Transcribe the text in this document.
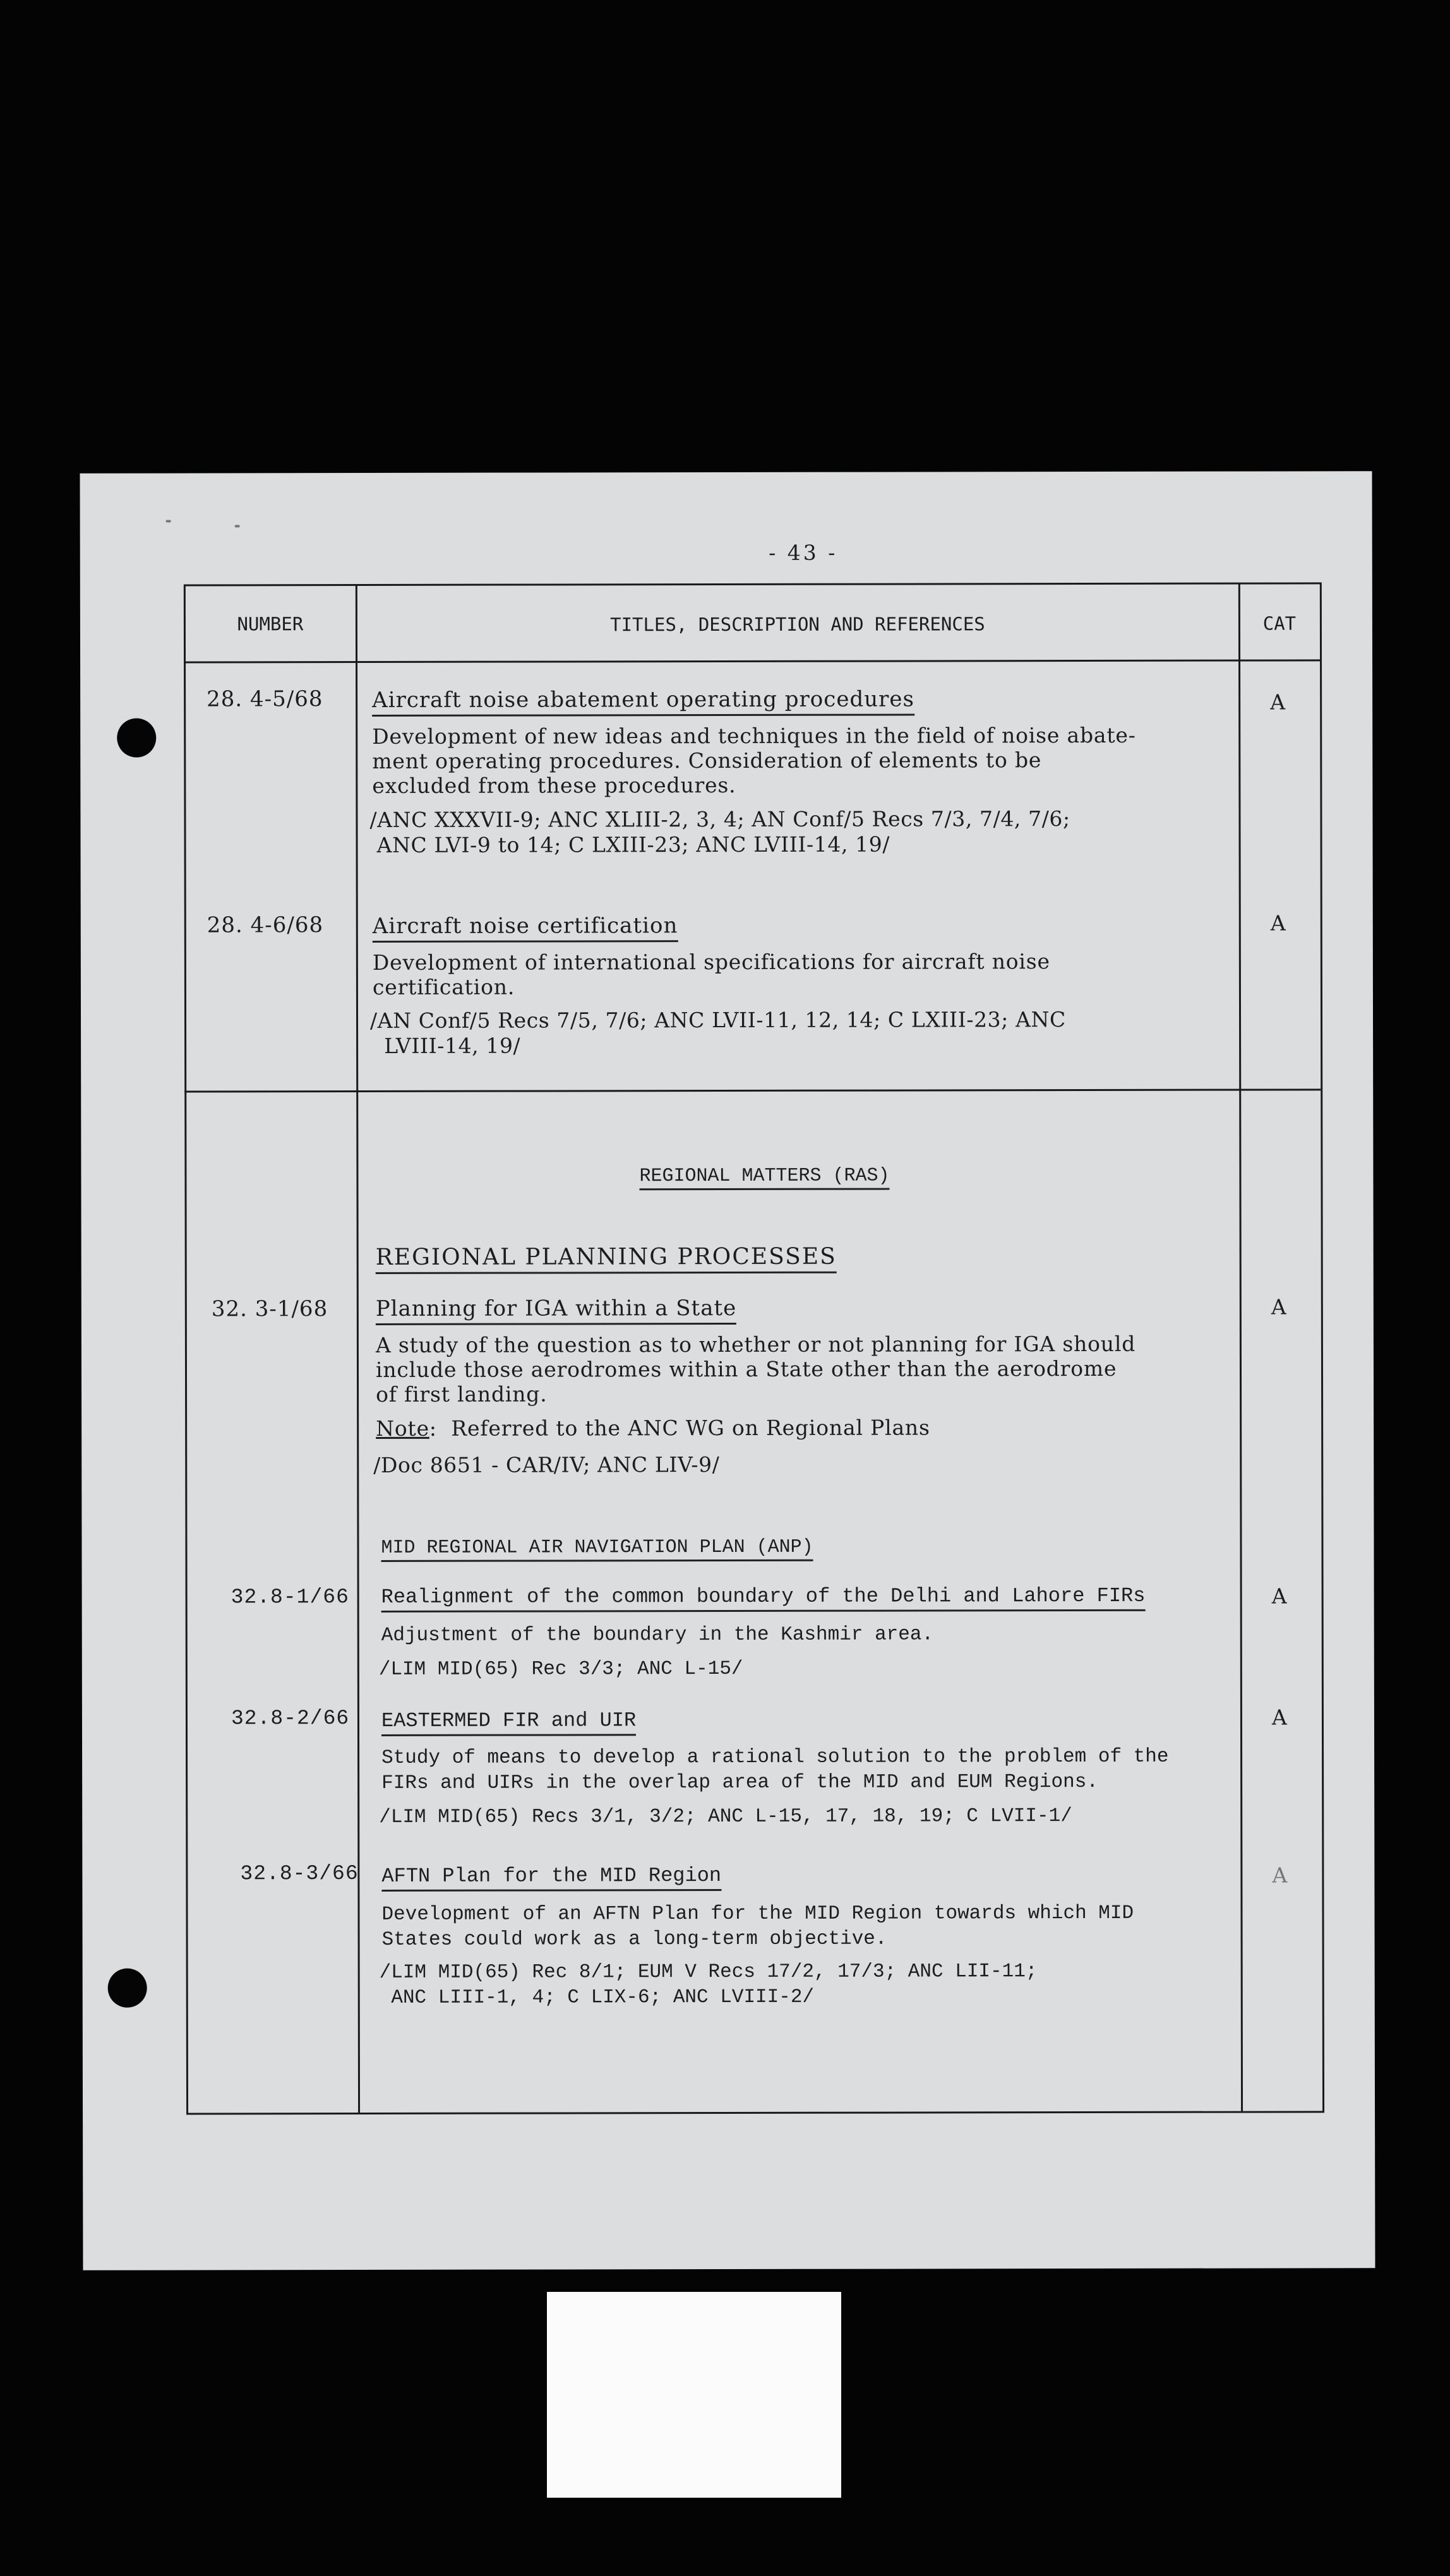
- 43 -
NUMBER	TITLES, DESCRIPTION AND REFERENCES	CAT
28. 4-5/68 Aircraft noise abatement operating procedures
Development of new ideas and techniques in the field of noise abate-
ment operating procedures. Consideration of elements to be
excluded from these procedures.
/ANC XXXVII-9; ANC XLIII-2, 3, 4; AN Conf/5 Recs 7/3, 7/4, 7/6;
ANC LVI-9 to 14; C LXIII-23; ANC LVIII-14, 19/
A
28. 4-6/68 Aircraft noise certification
Development of international specifications for aircraft noise
certification.
/AN Conf/5 Recs 7/5, 7/6; ANC LVII-11, 12, 14; C LXIII-23; ANC
LVIII-14, 19/
A
REGIONAL MATTERS (RAS)
REGIONAL PLANNING PROCESSES
32. 3-1/68 Planning for IGA within a State
A study of the question as to whether or not planning for IGA should
include those aerodromes within a State other than the aerodrome
of first landing.
Note:  Referred to the ANC WG on Regional Plans
/Doc 8651 - CAR/IV; ANC LIV-9/
A
MID REGIONAL AIR NAVIGATION PLAN (ANP)
32.8-1/66 Realignment of the common boundary of the Delhi and Lahore FIRs
Adjustment of the boundary in the Kashmir area.
/LIM MID(65) Rec 3/3; ANC L-15/
A
32.8-2/66 EASTERMED FIR and UIR
Study of means to develop a rational solution to the problem of the
FIRs and UIRs in the overlap area of the MID and EUM Regions.
/LIM MID(65) Recs 3/1, 3/2; ANC L-15, 17, 18, 19; C LVII-1/
A
32.8-3/66 AFTN Plan for the MID Region
Development of an AFTN Plan for the MID Region towards which MID
States could work as a long-term objective.
/LIM MID(65) Rec 8/1; EUM V Recs 17/2, 17/3; ANC LII-11;
ANC LIII-1, 4; C LIX-6; ANC LVIII-2/
A
